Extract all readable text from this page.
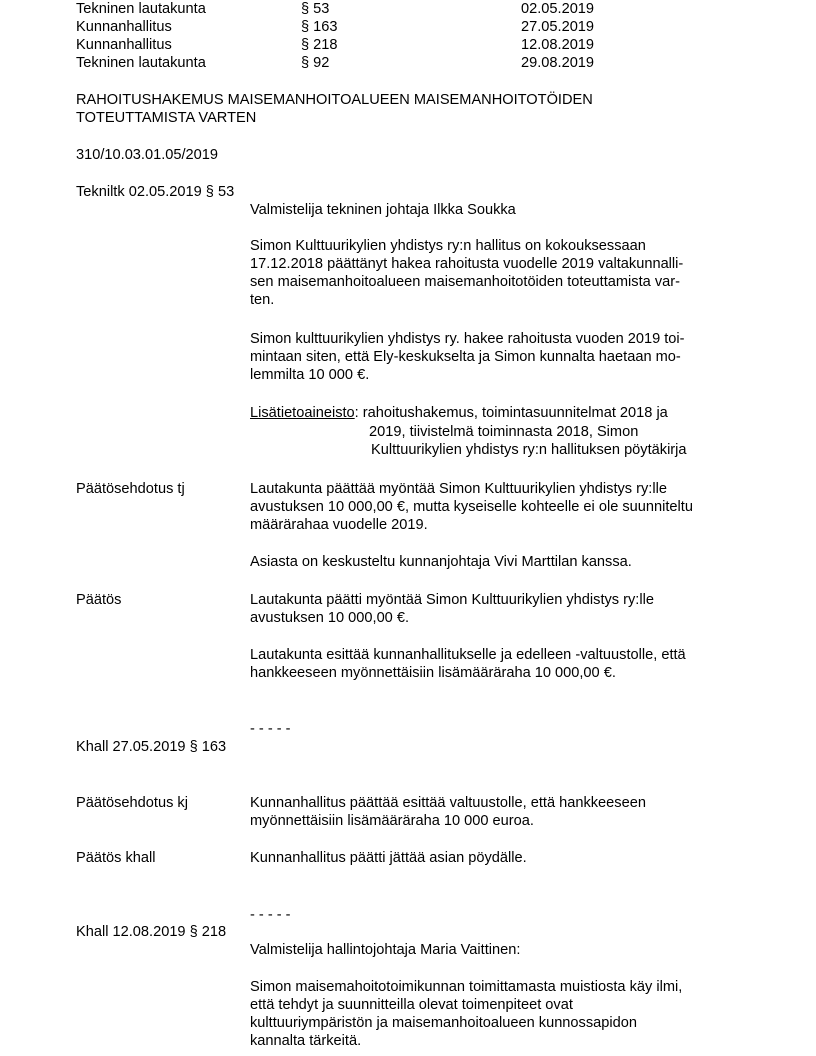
Tekninen lautakunta	§ 53	02.05.2019
Kunnanhallitus	§ 163	27.05.2019
Kunnanhallitus	§ 218	12.08.2019
Tekninen lautakunta	§ 92	29.08.2019
RAHOITUSHAKEMUS MAISEMANHOITOALUEEN MAISEMANHOITOTÖIDEN
TOTEUTTAMISTA VARTEN
310/10.03.01.05/2019
Tekniltk 02.05.2019 § 53
Valmistelija tekninen johtaja Ilkka Soukka
Simon Kulttuurikylien yhdistys ry:n hallitus on kokouksessaan
17.12.2018 päättänyt hakea rahoitusta vuodelle 2019 valtakunnalli-
sen maisemanhoitoalueen maisemanhoitotöiden toteuttamista var-
ten.
Simon kulttuurikylien yhdistys ry. hakee rahoitusta vuoden 2019 toi-
mintaan siten, että Ely-keskukselta ja Simon kunnalta haetaan mo-
lemmilta 10 000 €.
Lisätietoaineisto: rahoitushakemus, toimintasuunnitelmat 2018 ja
2019, tiivistelmä toiminnasta 2018, Simon
Kulttuurikylien yhdistys ry:n hallituksen pöytäkirja
Päätösehdotus tj	Lautakunta päättää myöntää Simon Kulttuurikylien yhdistys ry:lle
avustuksen 10 000,00 €, mutta kyseiselle kohteelle ei ole suunniteltu
määrärahaa vuodelle 2019.
Asiasta on keskusteltu kunnanjohtaja Vivi Marttilan kanssa.
Päätös	Lautakunta päätti myöntää Simon Kulttuurikylien yhdistys ry:lle
avustuksen 10 000,00 €.
Lautakunta esittää kunnanhallitukselle ja edelleen -valtuustolle, että
hankkeeseen myönnettäisiin lisämääräraha 10 000,00 €.
- - - - -
Khall 27.05.2019 § 163
Päätösehdotus kj	Kunnanhallitus päättää esittää valtuustolle, että hankkeeseen
myönnettäisiin lisämääräraha 10 000 euroa.
Päätös khall	Kunnanhallitus päätti jättää asian pöydälle.
- - - - -
Khall 12.08.2019 § 218
Valmistelija hallintojohtaja Maria Vaittinen:
Simon maisemahoitotoimikunnan toimittamasta muistiosta käy ilmi,
että tehdyt ja suunnitteilla olevat toimenpiteet ovat
kulttuuriympäristön ja maisemanhoitoalueen kunnossapidon
kannalta tärkeitä.
